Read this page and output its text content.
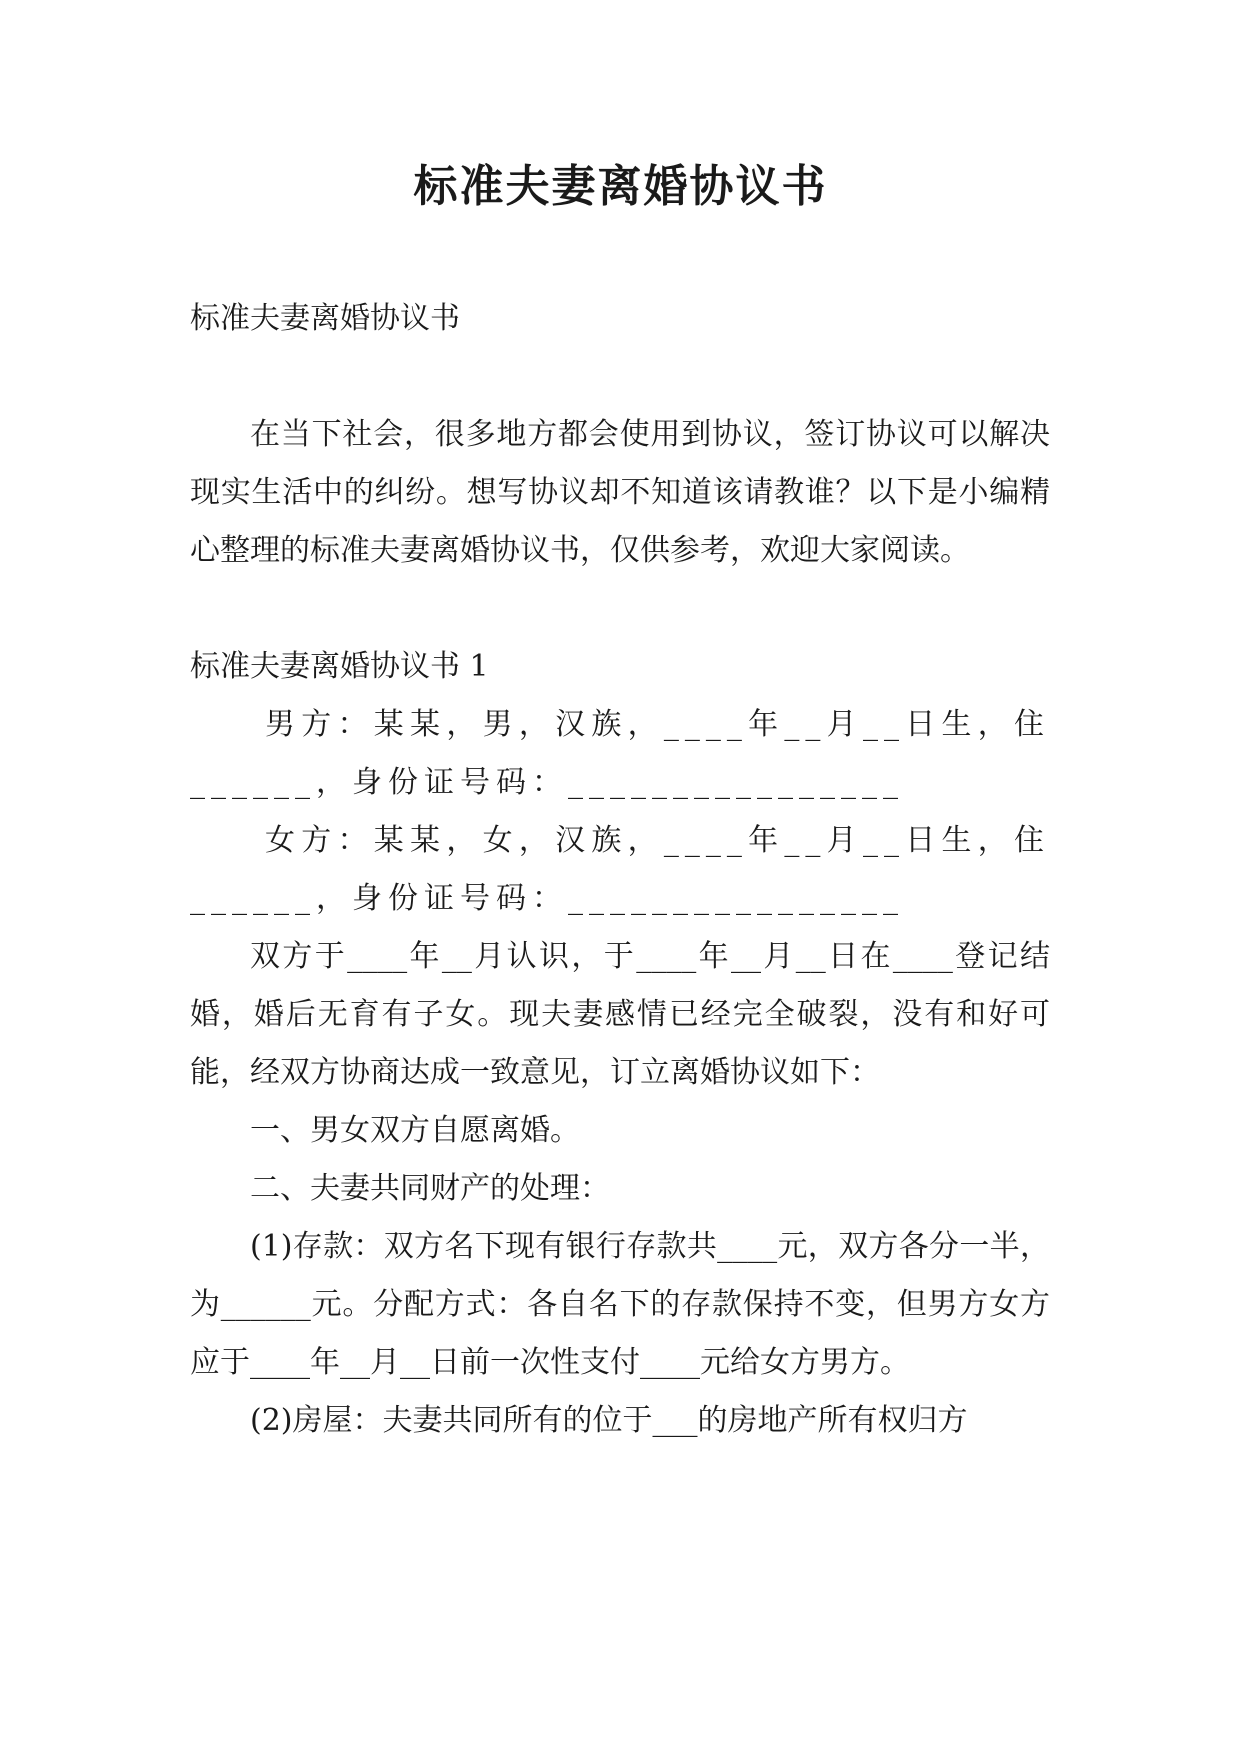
标准夫妻离婚协议书

标准夫妻离婚协议书

在当下社会，很多地方都会使用到协议，签订协议可以解决现实生活中的纠纷。想写协议却不知道该请教谁？以下是小编精心整理的标准夫妻离婚协议书，仅供参考，欢迎大家阅读。

标准夫妻离婚协议书 1

男方：某某，男，汉族，____年__月__日生，住______，身份证号码：________________

女方：某某，女，汉族，____年__月__日生，住______，身份证号码：________________

双方于____年__月认识，于____年__月__日在____登记结婚，婚后无育有子女。现夫妻感情已经完全破裂，没有和好可能，经双方协商达成一致意见，订立离婚协议如下：

一、男女双方自愿离婚。

二、夫妻共同财产的处理：

(1)存款：双方名下现有银行存款共____元，双方各分一半，为______元。分配方式：各自名下的存款保持不变，但男方女方应于____年__月__日前一次性支付____元给女方男方。

(2)房屋：夫妻共同所有的位于___的房地产所有权归方
